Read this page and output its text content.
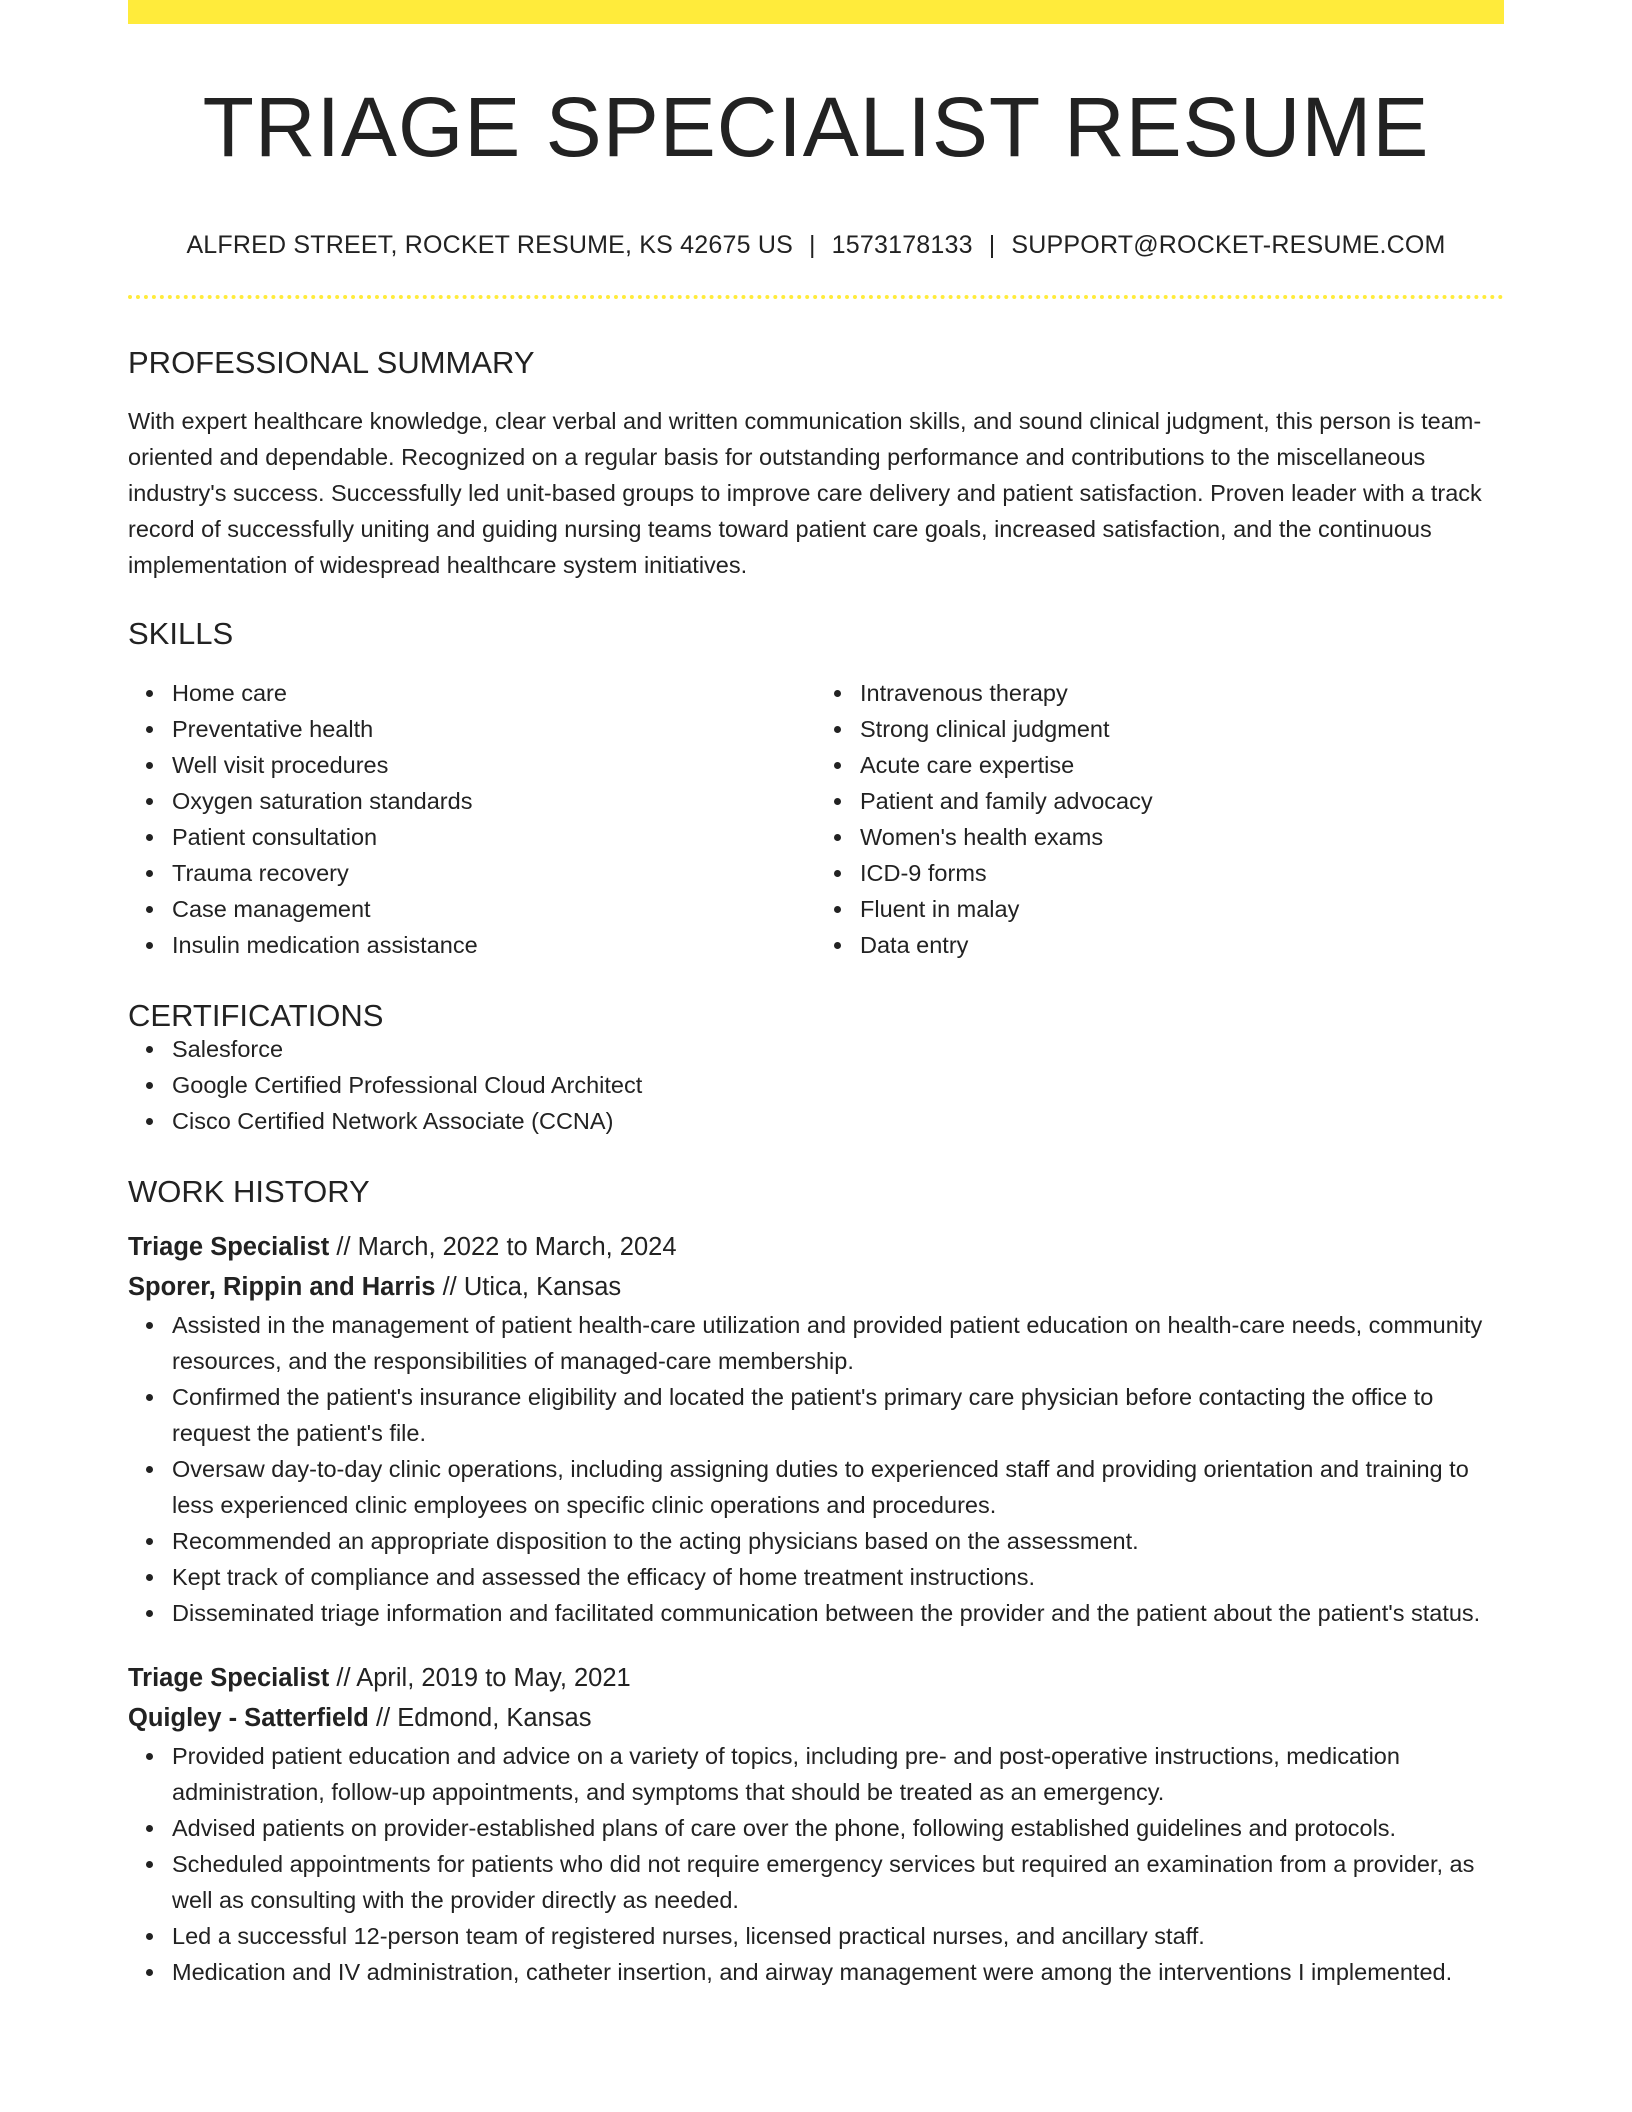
TRIAGE SPECIALIST RESUME
ALFRED STREET, ROCKET RESUME, KS 42675 US | 1573178133 | SUPPORT@ROCKET-RESUME.COM
PROFESSIONAL SUMMARY
With expert healthcare knowledge, clear verbal and written communication skills, and sound clinical judgment, this person is team-oriented and dependable. Recognized on a regular basis for outstanding performance and contributions to the miscellaneous industry's success. Successfully led unit-based groups to improve care delivery and patient satisfaction. Proven leader with a track record of successfully uniting and guiding nursing teams toward patient care goals, increased satisfaction, and the continuous implementation of widespread healthcare system initiatives.
SKILLS
Home care
Preventative health
Well visit procedures
Oxygen saturation standards
Patient consultation
Trauma recovery
Case management
Insulin medication assistance
Intravenous therapy
Strong clinical judgment
Acute care expertise
Patient and family advocacy
Women's health exams
ICD-9 forms
Fluent in malay
Data entry
CERTIFICATIONS
Salesforce
Google Certified Professional Cloud Architect
Cisco Certified Network Associate (CCNA)
WORK HISTORY
Triage Specialist // March, 2022 to March, 2024
Sporer, Rippin and Harris // Utica, Kansas
Assisted in the management of patient health-care utilization and provided patient education on health-care needs, community resources, and the responsibilities of managed-care membership.
Confirmed the patient's insurance eligibility and located the patient's primary care physician before contacting the office to request the patient's file.
Oversaw day-to-day clinic operations, including assigning duties to experienced staff and providing orientation and training to less experienced clinic employees on specific clinic operations and procedures.
Recommended an appropriate disposition to the acting physicians based on the assessment.
Kept track of compliance and assessed the efficacy of home treatment instructions.
Disseminated triage information and facilitated communication between the provider and the patient about the patient's status.
Triage Specialist // April, 2019 to May, 2021
Quigley - Satterfield // Edmond, Kansas
Provided patient education and advice on a variety of topics, including pre- and post-operative instructions, medication administration, follow-up appointments, and symptoms that should be treated as an emergency.
Advised patients on provider-established plans of care over the phone, following established guidelines and protocols.
Scheduled appointments for patients who did not require emergency services but required an examination from a provider, as well as consulting with the provider directly as needed.
Led a successful 12-person team of registered nurses, licensed practical nurses, and ancillary staff.
Medication and IV administration, catheter insertion, and airway management were among the interventions I implemented.
